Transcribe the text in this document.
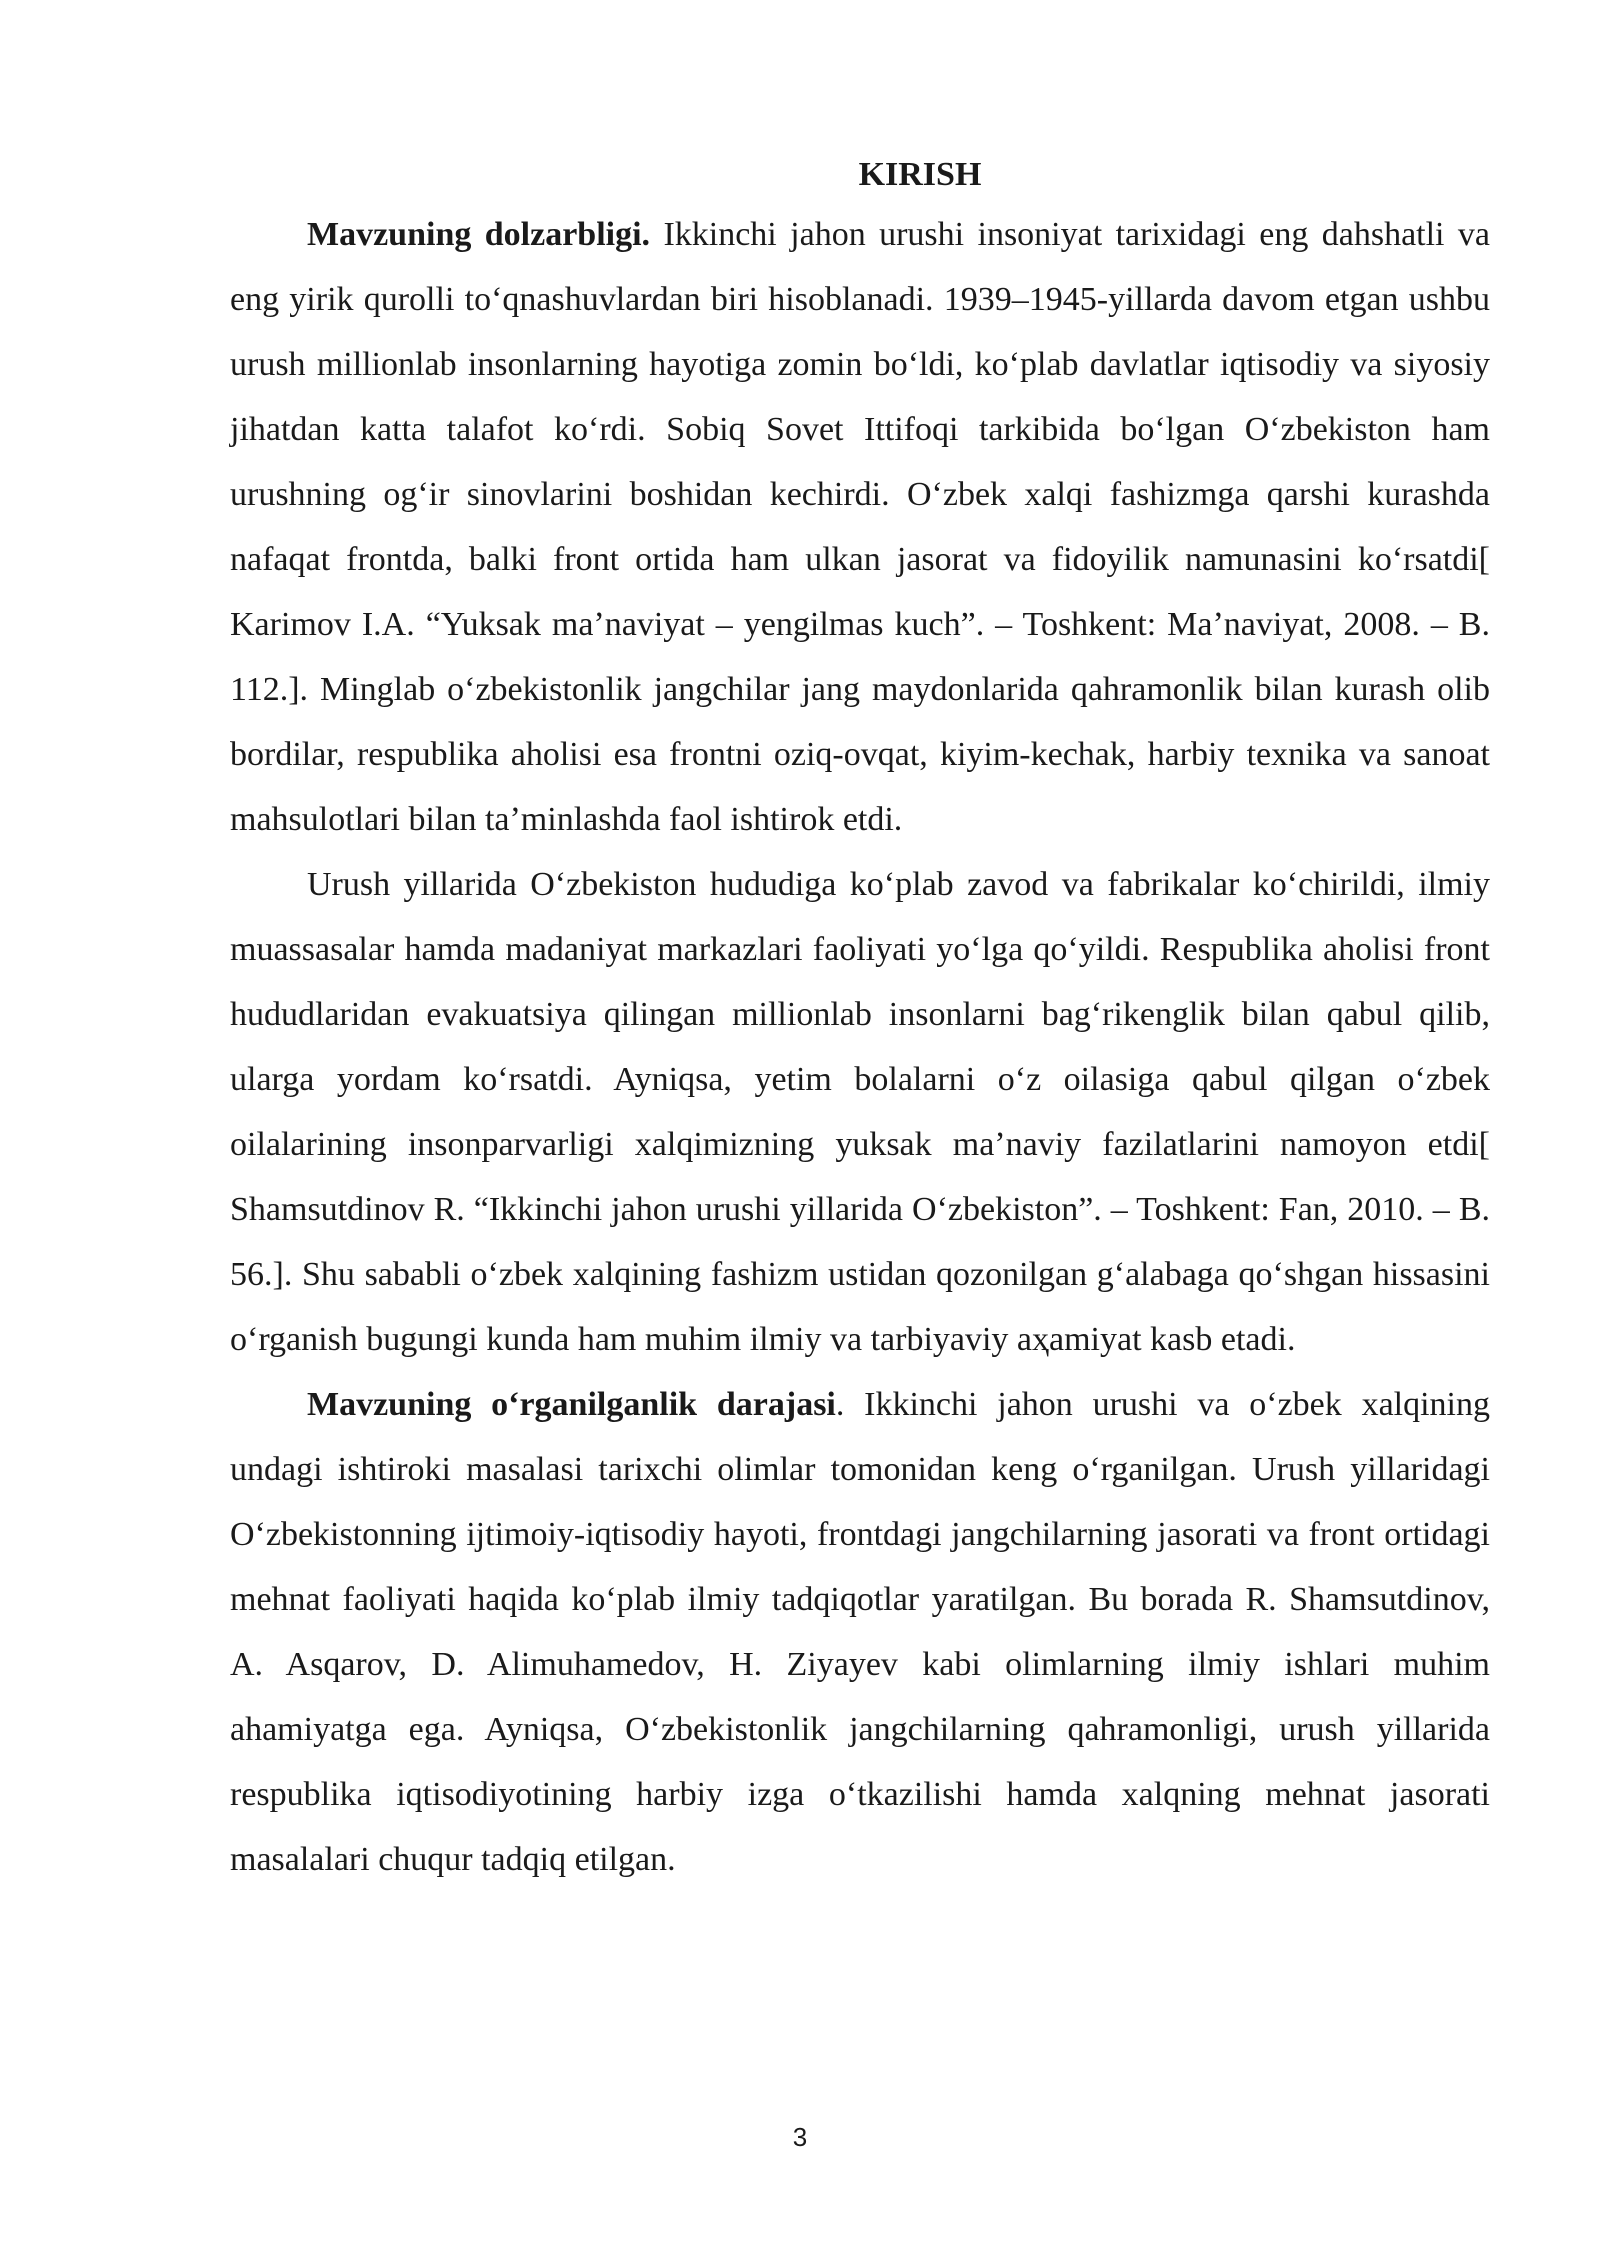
KIRISH

Mavzuning dolzarbligi. Ikkinchi jahon urushi insoniyat tarixidagi eng dahshatli va eng yirik qurolli toʻqnashuvlardan biri hisoblanadi. 1939–1945-yillarda davom etgan ushbu urush millionlab insonlarning hayotiga zomin boʻldi, koʻplab davlatlar iqtisodiy va siyosiy jihatdan katta talafot koʻrdi. Sobiq Sovet Ittifoqi tarkibida boʻlgan Oʻzbekiston ham urushning ogʻir sinovlarini boshidan kechirdi. Oʻzbek xalqi fashizmga qarshi kurashda nafaqat frontda, balki front ortida ham ulkan jasorat va fidoyilik namunasini koʻrsatdi[ Karimov I.A. “Yuksak maʼnaviyat – yengilmas kuch”. – Toshkent: Maʼnaviyat, 2008. – B. 112.]. Minglab oʻzbekistonlik jangchilar jang maydonlarida qahramonlik bilan kurash olib bordilar, respublika aholisi esa frontni oziq-ovqat, kiyim-kechak, harbiy texnika va sanoat mahsulotlari bilan taʼminlashda faol ishtirok etdi.

Urush yillarida Oʻzbekiston hududiga koʻplab zavod va fabrikalar koʻchirildi, ilmiy muassasalar hamda madaniyat markazlari faoliyati yoʻlga qoʻyildi. Respublika aholisi front hududlaridan evakuatsiya qilingan millionlab insonlarni bagʻrikenglik bilan qabul qilib, ularga yordam koʻrsatdi. Ayniqsa, yetim bolalarni oʻz oilasiga qabul qilgan oʻzbek oilalarining insonparvarligi xalqimizning yuksak maʼnaviy fazilatlarini namoyon etdi[ Shamsutdinov R. “Ikkinchi jahon urushi yillarida Oʻzbekiston”. – Toshkent: Fan, 2010. – B. 56.]. Shu sababli oʻzbek xalqining fashizm ustidan qozonilgan gʻalabaga qoʻshgan hissasini oʻrganish bugungi kunda ham muhim ilmiy va tarbiyaviy aҳamiyat kasb etadi.

Mavzuning oʻrganilganlik darajasi. Ikkinchi jahon urushi va oʻzbek xalqining undagi ishtiroki masalasi tarixchi olimlar tomonidan keng oʻrganilgan. Urush yillaridagi Oʻzbekistonning ijtimoiy-iqtisodiy hayoti, frontdagi jangchilarning jasorati va front ortidagi mehnat faoliyati haqida koʻplab ilmiy tadqiqotlar yaratilgan. Bu borada R. Shamsutdinov, A. Asqarov, D. Alimuhamedov, H. Ziyayev kabi olimlarning ilmiy ishlari muhim ahamiyatga ega. Ayniqsa, Oʻzbekistonlik jangchilarning qahramonligi, urush yillarida respublika iqtisodiyotining harbiy izga oʻtkazilishi hamda xalqning mehnat jasorati masalalari chuqur tadqiq etilgan.

3
